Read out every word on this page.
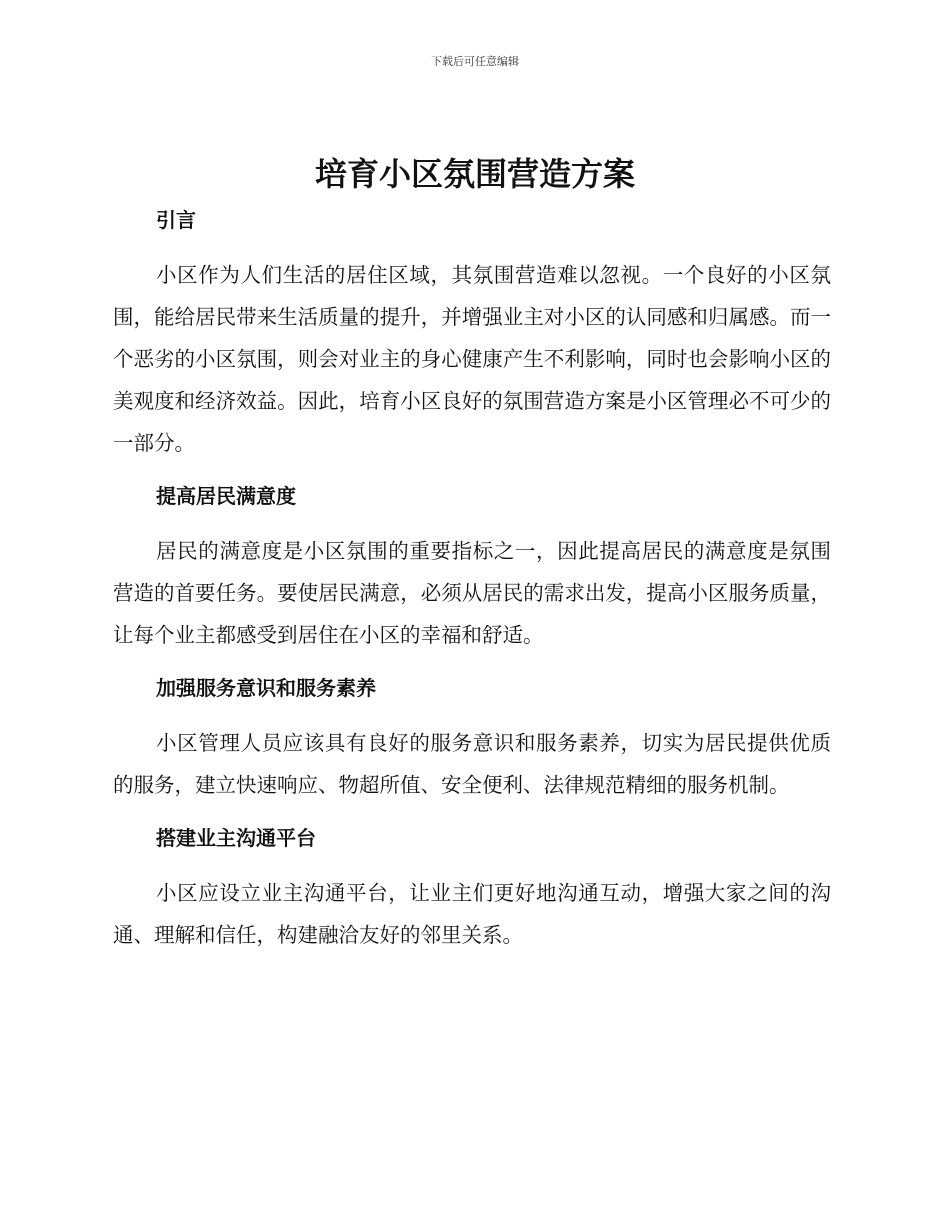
下载后可任意编辑
培育小区氛围营造方案
引言

小区作为人们生活的居住区域，其氛围营造难以忽视。一个良好的小区氛围，能给居民带来生活质量的提升，并增强业主对小区的认同感和归属感。而一个恶劣的小区氛围，则会对业主的身心健康产生不利影响，同时也会影响小区的美观度和经济效益。因此，培育小区良好的氛围营造方案是小区管理必不可少的一部分。

提高居民满意度

居民的满意度是小区氛围的重要指标之一，因此提高居民的满意度是氛围营造的首要任务。要使居民满意，必须从居民的需求出发，提高小区服务质量，让每个业主都感受到居住在小区的幸福和舒适。

加强服务意识和服务素养

小区管理人员应该具有良好的服务意识和服务素养，切实为居民提供优质的服务，建立快速响应、物超所值、安全便利、法律规范精细的服务机制。

搭建业主沟通平台

小区应设立业主沟通平台，让业主们更好地沟通互动，增强大家之间的沟通、理解和信任，构建融洽友好的邻里关系。
